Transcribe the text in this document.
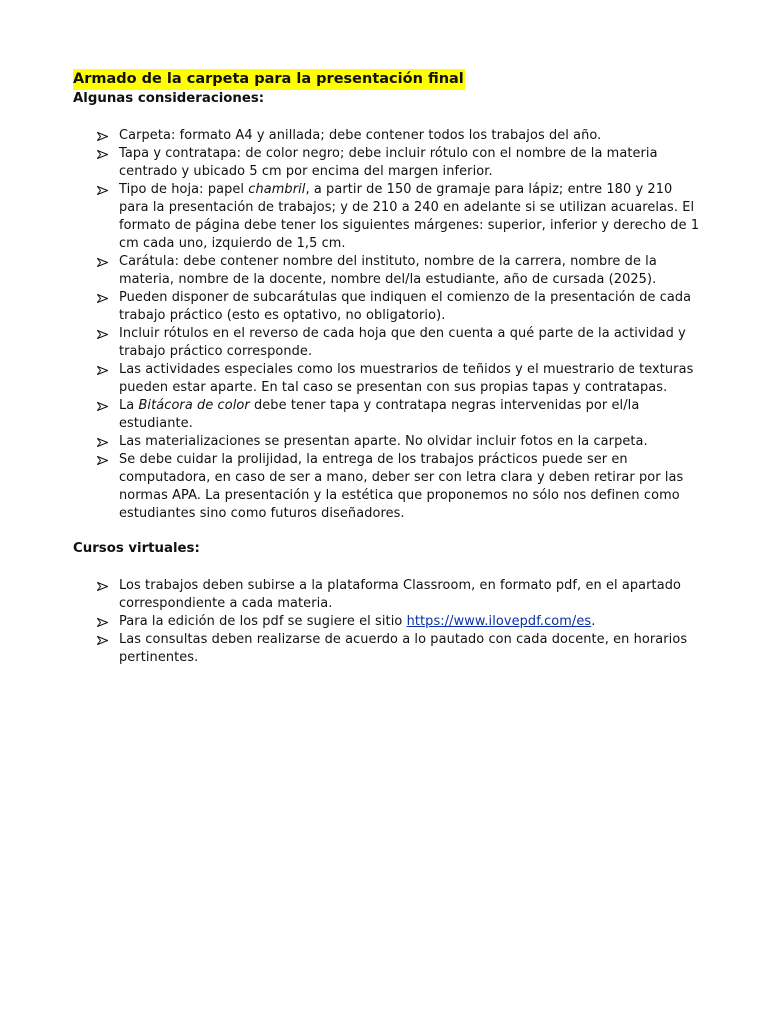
Armado de la carpeta para la presentación final

Algunas consideraciones:

Carpeta: formato A4 y anillada; debe contener todos los trabajos del año.
Tapa y contratapa: de color negro; debe incluir rótulo con el nombre de la materia centrado y ubicado 5 cm por encima del margen inferior.
Tipo de hoja: papel chambril, a partir de 150 de gramaje para lápiz; entre 180 y 210 para la presentación de trabajos; y de 210 a 240 en adelante si se utilizan acuarelas. El formato de página debe tener los siguientes márgenes: superior, inferior y derecho de 1 cm cada uno, izquierdo de 1,5 cm.
Carátula: debe contener nombre del instituto, nombre de la carrera, nombre de la materia, nombre de la docente, nombre del/la estudiante, año de cursada (2025).
Pueden disponer de subcarátulas que indiquen el comienzo de la presentación de cada trabajo práctico (esto es optativo, no obligatorio).
Incluir rótulos en el reverso de cada hoja que den cuenta a qué parte de la actividad y trabajo práctico corresponde.
Las actividades especiales como los muestrarios de teñidos y el muestrario de texturas pueden estar aparte. En tal caso se presentan con sus propias tapas y contratapas.
La Bitácora de color debe tener tapa y contratapa negras intervenidas por el/la estudiante.
Las materializaciones se presentan aparte. No olvidar incluir fotos en la carpeta.
Se debe cuidar la prolijidad, la entrega de los trabajos prácticos puede ser en computadora, en caso de ser a mano, deber ser con letra clara y deben retirar por las normas APA. La presentación y la estética que proponemos no sólo nos definen como estudiantes sino como futuros diseñadores.

Cursos virtuales:

Los trabajos deben subirse a la plataforma Classroom, en formato pdf, en el apartado correspondiente a cada materia.
Para la edición de los pdf se sugiere el sitio https://www.ilovepdf.com/es.
Las consultas deben realizarse de acuerdo a lo pautado con cada docente, en horarios pertinentes.
